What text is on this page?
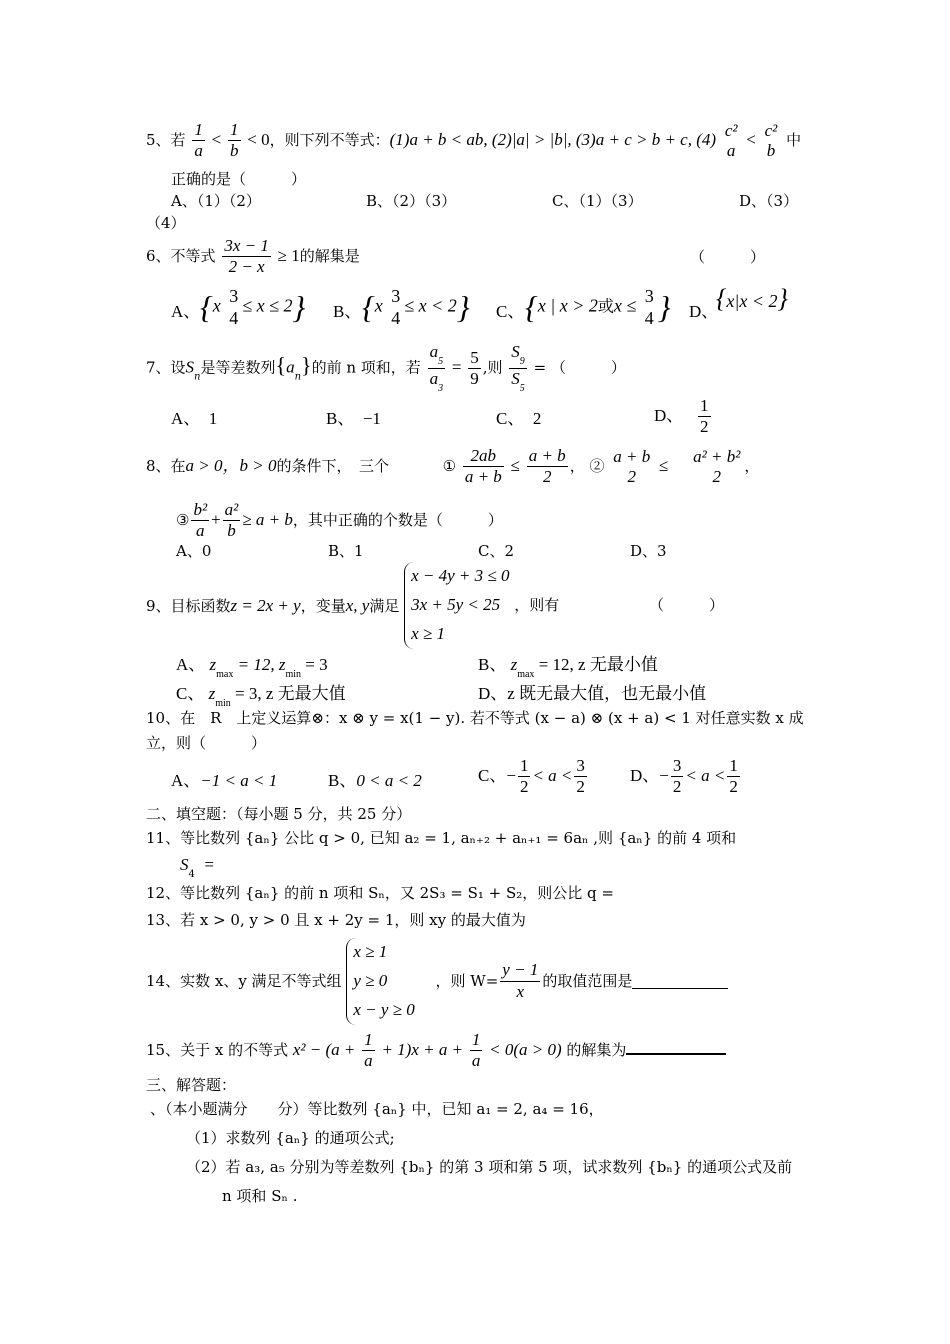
5、若 $\frac{1}{a} < \frac{1}{b} < 0$，则下列不等式：(1)a + b < ab, (2)|a| > |b|, (3)a + c > b + c, (4) c²
a
< c²
b
中
正确的是（　　　）
A、（1）（2）	B、（2）（3）	C、（1）（3）	D、（3）
（4）
6、不等式 $\frac{3x - 1}{2 - x} \ge 1$的解集是	（　　　）
A、 {x 3
4
≤ x ≤ 2} B、 {x 3
4
≤ x < 2} C、 {x | x > 2或x ≤ 3
4 } D、
{x|x < 2}
7、设$S_n$是等差数列$\{a_n\}$的前 n 项和，若 $\frac{a_5}{a_3} = \frac{5}{9}$ ,则 $\frac{S_9}{S_5}$ = （　　　）
A、 1	B、 −1	C、 2	D、 $\frac{1}{2}$
8、在a > 0，b > 0的条件下，　三个	① $\frac{2ab}{a + b} \le \frac{a + b}{2}$ ， ②
a + b
2
≤ a² + b²
2
，
③ $\frac{\text{b²}}{a} + \frac{\text{a²}}{b} \ge a + b$，其中正确的个数是（　　　）
A、0	B、1	C、2	D、3
9、目标函数z = 2x + y，变量x, y满足
x − 4y + 3 ≤ 0
3x + 5y < 25
x ≥ 1
，则有	（　　　）
A、 $z_{max} = 12$, $z_{min} = 3$	B、 $z_{max} = 12$, z 无最小值
C、 $z_{min} = 3$, z 无最大值	D、z 既无最大值，也无最小值
10、在　R　上定义运算⊗：x ⊗ y = x(1 − y). 若不等式 (x − a) ⊗ (x + a) < 1 对任意实数 x 成
立，则（　　　）
A、−1 < a < 1	B、0 < a < 2	C、− $\frac{1}{2} < a < \frac{3}{2}$	D、− $\frac{3}{2} < a < \frac{1}{2}$
二、填空题：（每小题 5 分，共 25 分）
11、等比数列 {aₙ} 公比 q > 0, 已知 a₂ = 1, aₙ₊₂ + aₙ₊₁ = 6aₙ ,则 {aₙ} 的前 4 项和
$S_4$  =
12、等比数列 {aₙ} 的前 n 项和 Sₙ，又 2S₃ = S₁ + S₂，则公比 q =
13、若 x > 0, y > 0 且 x + 2y = 1，则 xy 的最大值为
14、实数 x、y 满足不等式组
x ≥ 1
y ≥ 0
x − y ≥ 0
，则 $W= \frac{y - 1}{x}$ 的取值范围是
15、关于 x 的不等式 $x^2 - (a + \frac{1}{a} + 1)x + a + \frac{1}{a} < 0(a > 0)$ 的解集为
三、解答题：
、（本小题满分　　分）等比数列 {aₙ} 中，已知 a₁ = 2, a₄ = 16，
（1）求数列 {aₙ} 的通项公式;
（2）若 a₃, a₅ 分别为等差数列 {bₙ} 的第 3 项和第 5 项，试求数列 {bₙ} 的通项公式及前
n 项和 Sₙ .
